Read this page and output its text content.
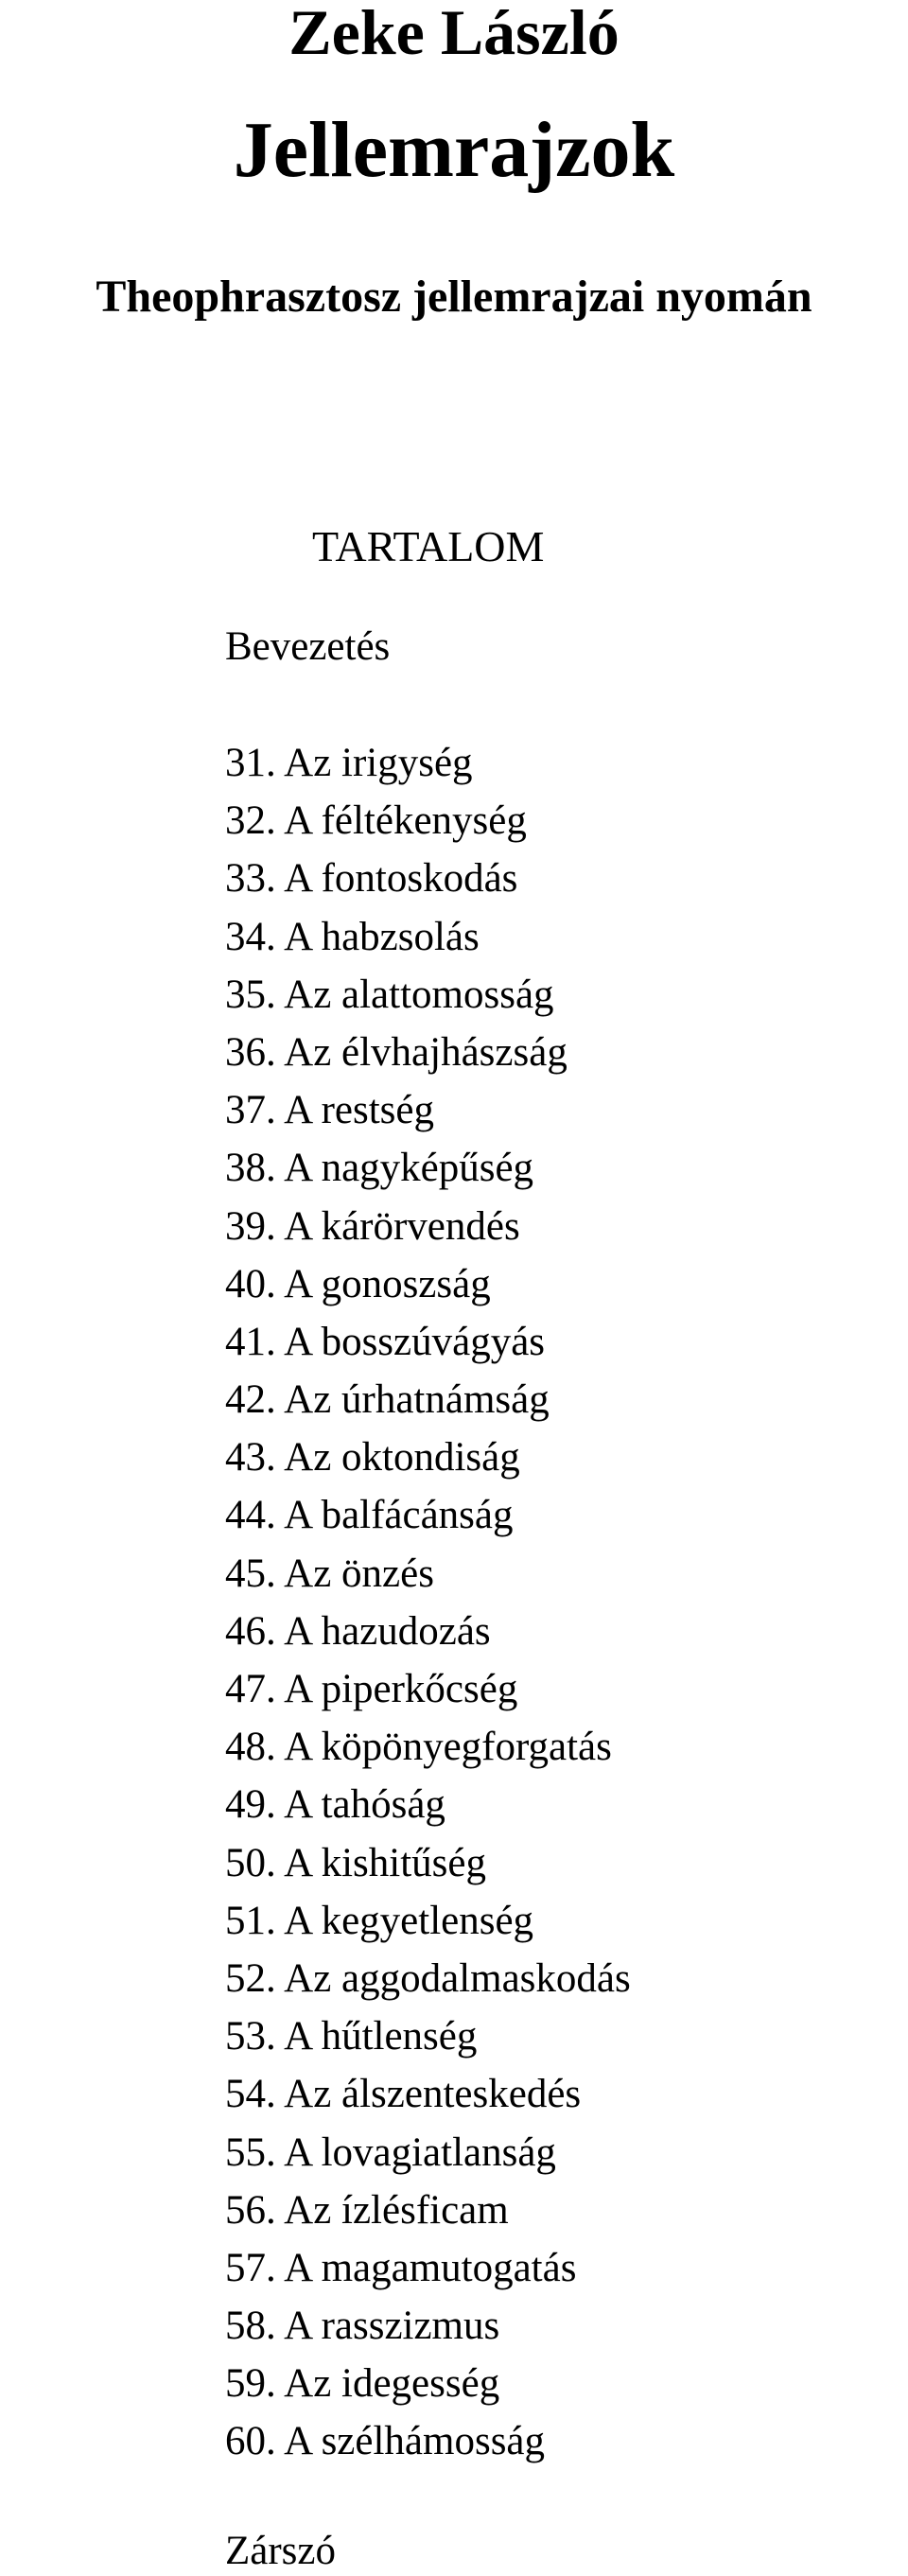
Zeke László
Jellemrajzok
Theophrasztosz jellemrajzai nyomán
TARTALOM
Bevezetés
31. Az irigység
32. A féltékenység
33. A fontoskodás
34. A habzsolás
35. Az alattomosság
36. Az élvhajhászság
37. A restség
38. A nagyképűség
39. A kárörvendés
40. A gonoszság
41. A bosszúvágyás
42. Az úrhatnámság
43. Az oktondiság
44. A balfácánság
45. Az önzés
46. A hazudozás
47. A piperkőcség
48. A köpönyegforgatás
49. A tahóság
50. A kishitűség
51. A kegyetlenség
52. Az aggodalmaskodás
53. A hűtlenség
54. Az álszenteskedés
55. A lovagiatlanság
56. Az ízlésficam
57. A magamutogatás
58. A rasszizmus
59. Az idegesség
60. A szélhámosság
Zárszó
